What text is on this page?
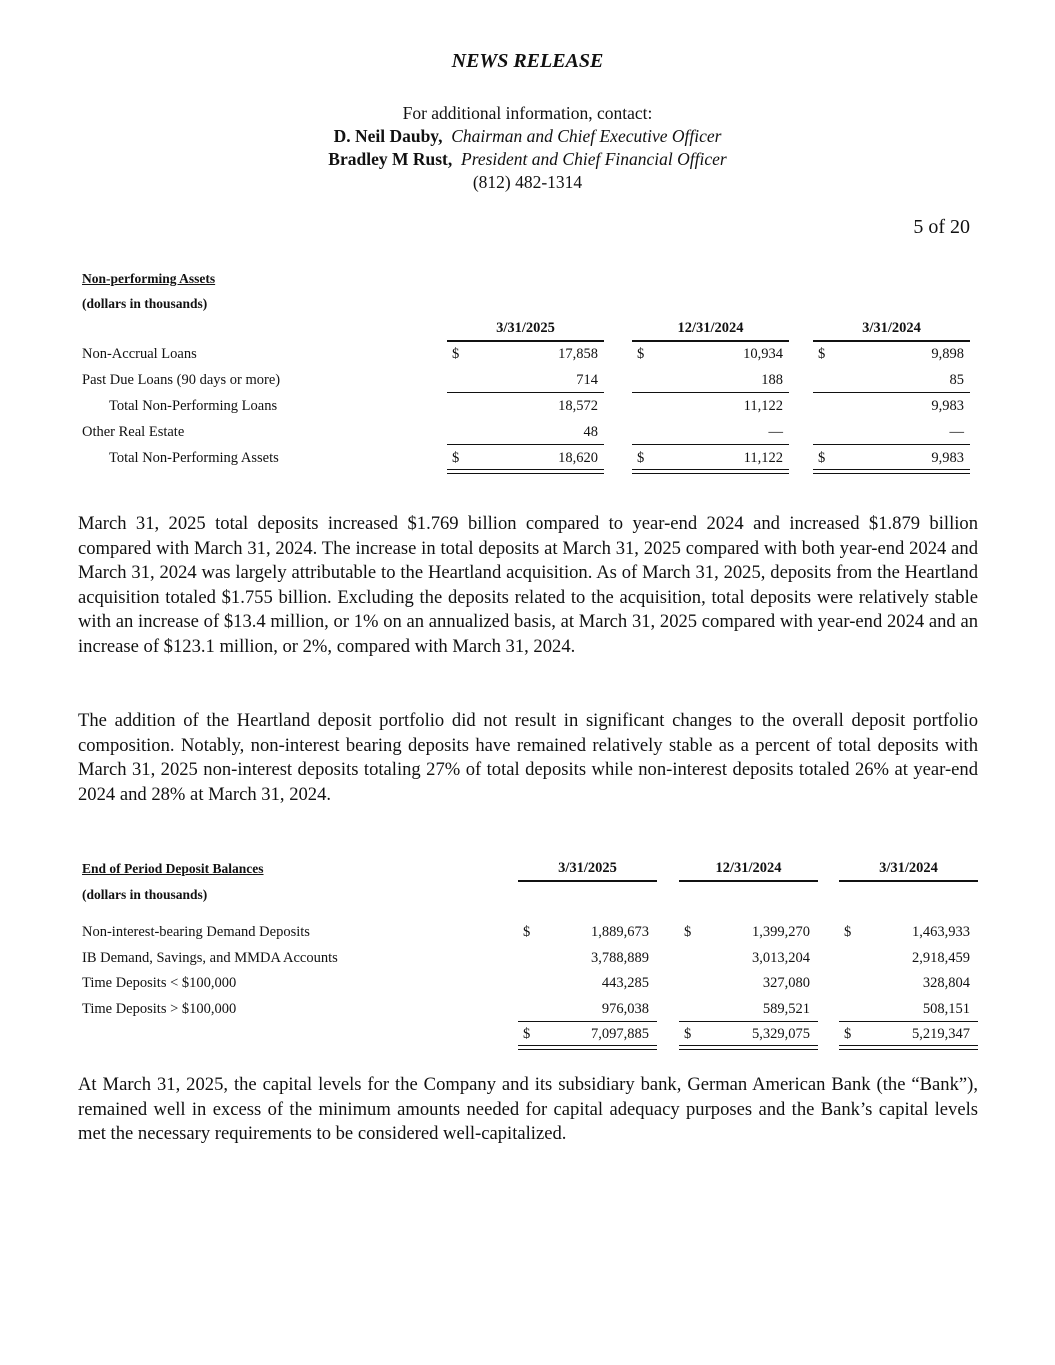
NEWS RELEASE
For additional information, contact:
D. Neil Dauby, Chairman and Chief Executive Officer
Bradley M Rust, President and Chief Financial Officer
(812) 482-1314
5 of 20
Non-performing Assets
(dollars in thousands)
3/31/2025	12/31/2024	3/31/2024
Non-Accrual Loans	$	17,858	$	10,934 $	9,898
Past Due Loans (90 days or more)	714	188	85
Total Non-Performing Loans	18,572	11,122	9,983
Other Real Estate	48	—	—
Total Non-Performing Assets	$	18,620	$	11,122 $	9,983
March 31, 2025 total deposits increased $1.769 billion compared to year-end 2024 and increased $1.879 billion compared with March 31, 2024. The increase in total deposits at March 31, 2025 compared with both year-end 2024 and March 31, 2024 was largely attributable to the Heartland acquisition. As of March 31, 2025, deposits from the Heartland acquisition totaled $1.755 billion. Excluding the deposits related to the acquisition, total deposits were relatively stable with an increase of $13.4 million, or 1% on an annualized basis, at March 31, 2025 compared with year-end 2024 and an increase of $123.1 million, or 2%, compared with March 31, 2024.
The addition of the Heartland deposit portfolio did not result in significant changes to the overall deposit portfolio composition. Notably, non-interest bearing deposits have remained relatively stable as a percent of total deposits with March 31, 2025 non-interest deposits totaling 27% of total deposits while non-interest deposits totaled 26% at year-end 2024 and 28% at March 31, 2024.
End of Period Deposit Balances
(dollars in thousands)
3/31/2025	12/31/2024	3/31/2024
Non-interest-bearing Demand Deposits	$	1,889,673 $	1,399,270 $	1,463,933
IB Demand, Savings, and MMDA Accounts	3,788,889	3,013,204	2,918,459
Time Deposits < $100,000	443,285	327,080	328,804
Time Deposits > $100,000	976,038	589,521	508,151
$	7,097,885 $	5,329,075 $	5,219,347
At March 31, 2025, the capital levels for the Company and its subsidiary bank, German American Bank (the “Bank”), remained well in excess of the minimum amounts needed for capital adequacy purposes and the Bank’s capital levels met the necessary requirements to be considered well-capitalized.
